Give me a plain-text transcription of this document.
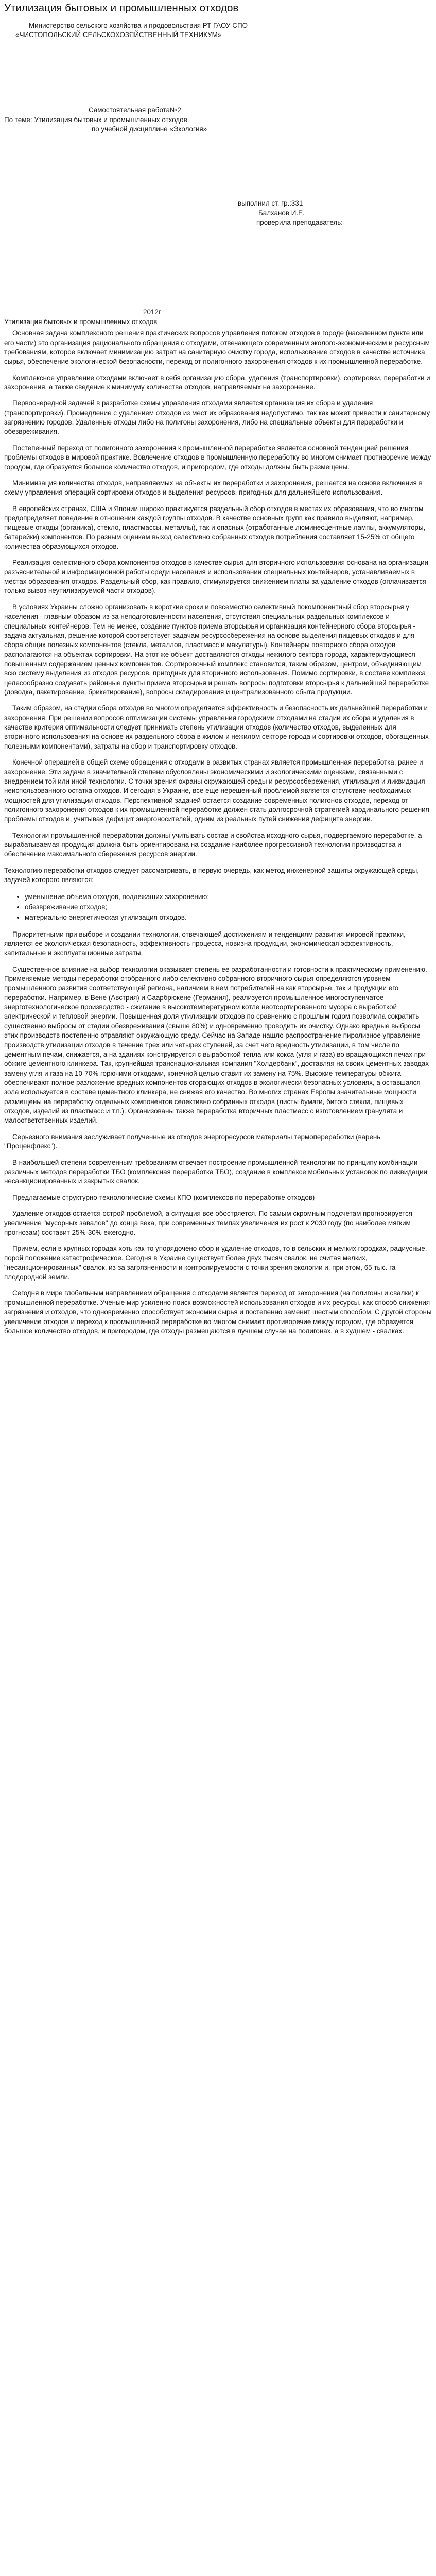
Утилизация бытовых и промышленных отходов

Министерство сельского хозяйства и продовольствия РТ ГАОУ СПО

«ЧИСТОПОЛЬСКИЙ СЕЛЬСКОХОЗЯЙСТВЕННЫЙ ТЕХНИКУМ»

Самостоятельная работа№2

По теме: Утилизация бытовых и промышленных отходов

по учебной дисциплине «Экология»

выполнил ст. гр.:331

Балханов И.Е.

проверила преподаватель:

2012г

Утилизация бытовых и промышленных отходов

Основная задача комплексного решения практических вопросов управления потоком отходов в городе (населенном пункте или его части) это организация рациональнoго обращения с отходами, отвечающего современным эколого-экономическим и ресурсным требованиям, которое включает минимизацию затрат на санитарную очистку города, использование отходов в качестве источника сырья, обеспечение экологической безопасности, переход от полигонного захоронения отходов к их промышленной переработке.

Комплексное управление отходами включает в себя организацию сбора, удаления (транспортировки), сортировки, переработки и захоронения, а также сведение к минимуму количества отходов, направляемых на захоронение.

Первоочередной задачей в разработке схемы управления отходами является организация их сбора и удаления (транспортировки). Промедление с удалением отходов из мест их образования недопустимо, так как может привести к санитарному загрязнению городов. Удаленные отходы либо на полигоны захоронения, либо на специальные объекты для переработки и обезвреживания.

Постепенный переход от полигонного захоронения к промышленной переработке является основной тенденцией решения проблемы отходов в мировой практике. Вовлечение отходов в промышленную переработку во многом снимает противоречие между городом, где образуется большое количество отходов, и пригородом, где отходы должны быть размещены.

Минимизация количества отходов, направляемых на объекты их переработки и захоронения, решается на основе включения в схему управления операций сортировки отходов и выделения ресурсов, пригодных для дальнейшего использования.

В европейских странах, США и Японии широко практикуется раздельный сбор отходов в местах их образования, что во многом предопределяет поведение в отношении каждой группы отходов. В качестве основных групп как правило выделяют, например, пищевые отходы (органика), стекло, пластмассы, металлы), так и опасных (отработанные люминесцентные лампы, аккумуляторы, батарейки) компонентов. По разным оценкам выход селективно собранных отходов потребления составляет 15-25% от общего количества образующихся отходов.

Реализация селективного сбора компонентов отходов в качестве сырья для вторичного использования основана на организации разъяснительной и информационной работы среди населения и использовании специальных контейнеров, устанавливаемых в местах образования отходов. Раздельный сбор, как правило, стимулируется снижением платы за удаление отходов (оплачивается только вывоз неутилизируемой части отходов).

В условиях Украины сложно организовать в короткие сроки и повсеместно селективный покомпонентный сбор вторсырья у населения - главным образом из-за неподготовленности населения, отсутствия специальных раздельных комплексов и специальных контейнеров. Тем не менее, создание пунктов приема вторсырья и организация контейнерного сбора вторсырья - задача актуальная, решение которой соответствует задачам ресурсосбережения на основе выделения пищевых отходов и для сбора общих полезных компонентов (стекла, металлов, пластмасс и макулатуры). Контейнеры повторного сбора отходов располагаются на объектах сортировки. На этот же объект доставляются отходы нежилого сектора города, характеризующиеся повышенным содержанием ценных компонентов. Сортировочный комплекс становится, таким образом, центром, объединяющим всю систему выделения из отходов ресурсов, пригодных для вторичного использования. Помимо сортировки, в составе комплекса целесообразно создавать районные пункты приема вторсырья и решать вопросы подготовки вторсырья к дальнейшей переработке (доводка, пакетирование, брикетирование), вопросы складирования и централизованного сбыта продукции.

Таким образом, на стадии сбора отходов во многом определяется эффективность и безопасность их дальнейшей переработки и захоронения. При решении вопросов оптимизации системы управления городскими отходами на стадии их сбора и удаления в качестве критерия оптимальности следует принимать степень утилизации отходов (количество отходов, выделенных для вторичного использования на основе их раздельного сбора в жилом и нежилом секторе города и сортировки отходов, обогащенных полезными компонентами), затраты на сбор и транспортировку отходов.

Конечной операцией в общей схеме обращения с отходами в развитых странах является промышленная переработка, ранее и захоронение. Эти задачи в значительной степени обусловлены экономическими и экологическими оценками, связанными с внедрением той или иной технологии. С точки зрения охраны окружающей среды и ресурсосбережения, утилизация и ликвидация неиспользованного остатка отходов. И сегодня в Украине, все еще нерешенный проблемой является отсутствие необходимых мощностей для утилизации отходов. Перспективной задачей остается создание современных полигонов отходов, переход от полигонного захоронения отходов к их промышленной переработке должен стать долгосрочной стратегией кардинального решения проблемы отходов и, учитывая дефицит энергоносителей, одним из реальных путей снижения дефицита энергии.

Технологии промышленной переработки должны учитывать состав и свойства исходного сырья, подвергаемого переработке, а вырабатываемая продукция должна быть ориентирована на создание наиболее прогрессивной технологии производства и обеспечение максимального сбережения ресурсов энергии.

Технологию переработки отходов следует рассматривать, в первую очередь, как метод инженерной защиты окружающей среды, задачей которого являются:

• уменьшение объема отходов, подлежащих захоронению;
• обезвреживание отходов;
• материально-энергетическая утилизация отходов.

Приоритетными при выборе и создании технологии, отвечающей достижениям и тенденциям развития мировой практики, является ее экологическая безопасность, эффективность процесса, новизна продукции, экономическая эффективность, капитальные и эксплуатационные затраты.

Существенное влияние на выбор технологии оказывает степень ее разработанности и готовности к практическому применению. Применяемые методы переработки отобранного либо селективно собранного вторичного сырья определяются уровнем промышленного развития соответствующей региона, наличием в нем потребителей на как вторсырье, так и продукции его переработки. Например, в Вене (Австрия) и Саарбрюкене (Германия), реализуется промышленное многоступенчатое энерготехнологическое производство - сжигание в высокотемпературном котле неотсортированного мусора с выработкой электрической и тепловой энергии. Повышенная доля утилизации отходов по сравнению с прошлым годом позволила сократить существенно выбросы от стадии обезвреживания (свыше 80%) и одновременно проводить их очистку. Однако вредные выбросы этих производств постепенно отравляют окружающую среду. Сейчас на Западе нашло распространение пиролизное управление производств утилизации отходов в течение трех или четырех ступеней, за счет чего вредность утилизации, в том числе по цементным печам, снижается, а на зданиях конструируется с выработкой тепла или кокса (угля и газа) во вращающихся печах при обжиге цементного клинкера. Так, крупнейшая транснациональная компания "Холдербанк", доставляя на своих цементных заводах замену угля и газа на 10-70% горючими отходами, конечной целью ставит их замену на 75%. Высокие температуры обжига обеспечивают полное разложение вредных компонентов сгорающих отходов в экологически безопасных условиях, а оставшаяся зола используется в составе цементного клинкера, не снижая его качество. Во многих странах Европы значительные мощности размещены на переработку отдельных компонентов селективно собранных отходов (листы бумаги, битого стекла, пищевых отходов, изделий из пластмасс и т.п.). Организованы также переработка вторичных пластмасс с изготовлением гранулята и малоответственных изделий.

Серьезного внимания заслуживает полученные из отходов энергоресурсов материалы термопереработки (варень "Проценфлекс").

В наибольшей степени современным требованиям отвечает построение промышленной технологии по принципу комбинации различных методов переработки ТБО (комплексная переработка ТБО), создание в комплексе мобильных установок по ликвидации несанкционированных и закрытых свалок.

Предлагаемые структурно-технологические схемы КПО (комплексов по переработке отходов)

Удаление отходов остается острой проблемой, а ситуация все обостряется. По самым скромным подсчетам прогнозируется увеличение "мусорных завалов" до конца века, при современных темпах увеличения их рост к 2030 году (по наиболее мягким прогнозам) составит 25%-30% ежегодно.

Причем, если в крупных городах хоть как-то упорядочено сбор и удаление отходов, то в сельских и мелких городках, радиусные, порой положение катастрофическое. Сегодня в Украине существует более двух тысяч свалок, не считая мелких, "несанкционированных" свалок, из-за загрязненности и контролируемости с точки зрения экологии и, при этом, 65 тыс. га плодородной земли.

Сегодня в мире глобальным направлением обращения с отходами является переход от захоронения (на полигоны и свалки) к промышленной переработке. Ученые мир усиленно поиск возможностей использования отходов и их ресурсы, как способ снижения загрязнения и отходов, что одновременно способствует экономии сырья и постепенно заменит шестым способом. С другой стороны увеличение отходов и переход к промышленной переработке во многом снимает противоречие между городом, где образуется большое количество отходов, и пригородом, где отходы размещаются в лучшем случае на полигонах, а в худшем - свалках.
